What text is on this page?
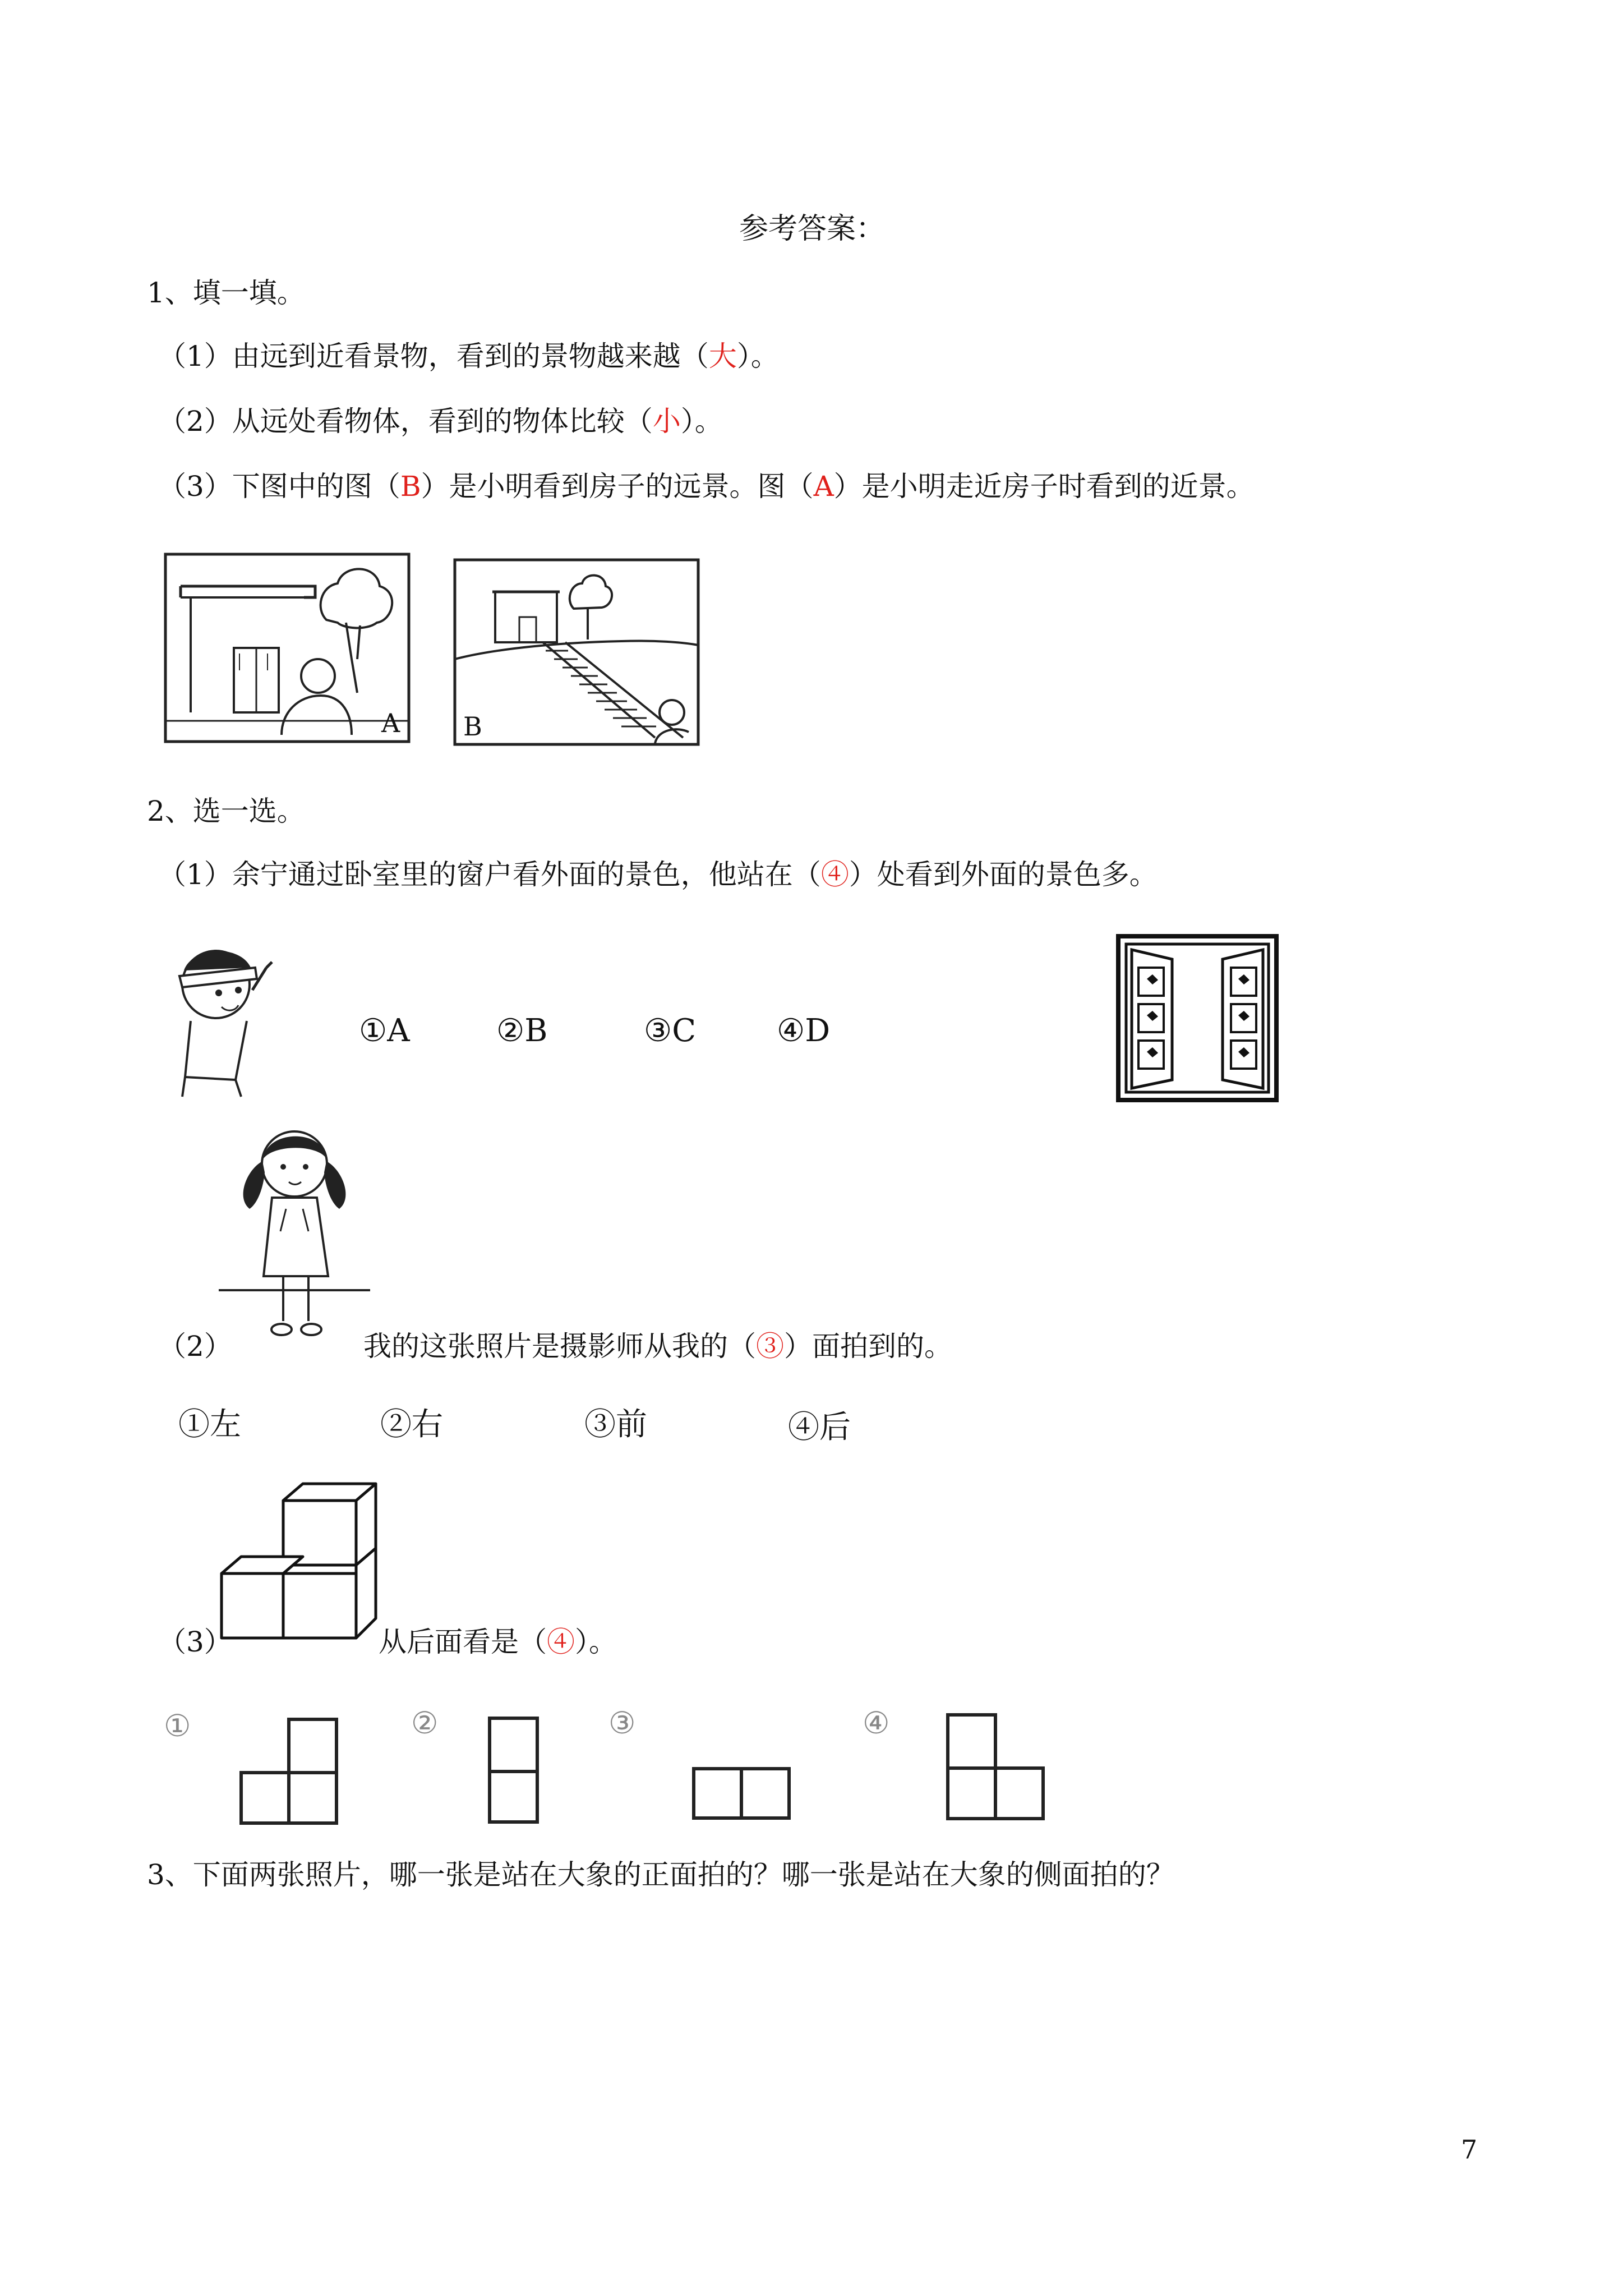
参考答案：
1、填一填。
（1）由远到近看景物，看到的景物越来越（大）。
（2）从远处看物体，看到的物体比较（小）。
（3）下图中的图（B）是小明看到房子的远景。图（A）是小明走近房子时看到的近景。
A B
2、选一选。
（1）余宁通过卧室里的窗户看外面的景色，他站在（④）处看到外面的景色多。
①A	②B	③C	④D
（2）	我的这张照片是摄影师从我的（③）面拍到的。
①左	②右	③前	④后
（3）	从后面看是（④）。
①	②	③	④
3、下面两张照片，哪一张是站在大象的正面拍的？哪一张是站在大象的侧面拍的？
7
